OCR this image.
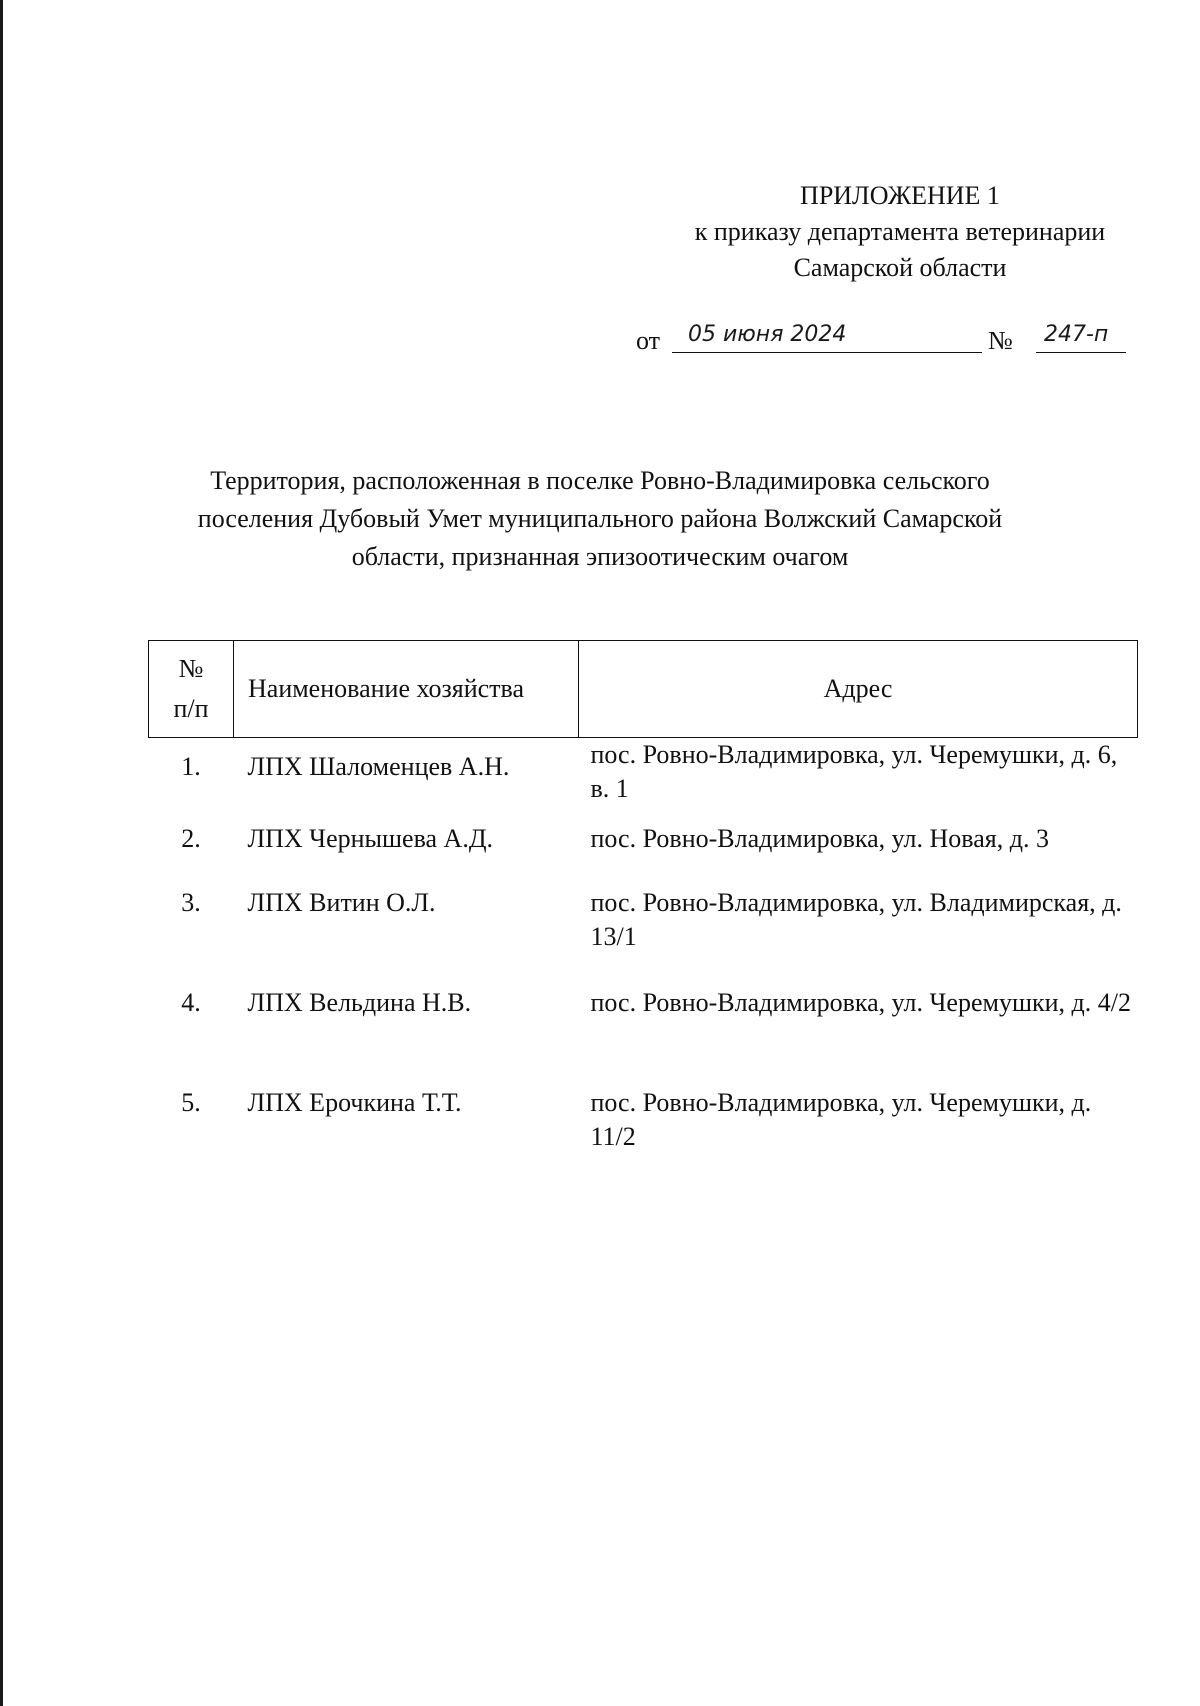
ПРИЛОЖЕНИЕ 1
к приказу департамента ветеринарии
Самарской области
от 05 июня 2024	№ 247-п
Территория, расположенная в поселке Ровно-Владимировка сельского
поселения Дубовый Умет муниципального района Волжский Самарской
области, признанная эпизоотическим очагом
№
п/п	Наименование хозяйства	Адрес
1.	ЛПХ Шаломенцев А.Н.	пос. Ровно-Владимировка, ул. Черемушки, д. 6, в. 1
2.	ЛПХ Чернышева А.Д.	пос. Ровно-Владимировка, ул. Новая, д. 3
3.	ЛПХ Витин О.Л.	пос. Ровно-Владимировка, ул. Владимирская, д. 13/1
4.	ЛПХ Вельдина Н.В.	пос. Ровно-Владимировка, ул. Черемушки, д. 4/2
5.	ЛПХ Ерочкина Т.Т.	пос. Ровно-Владимировка, ул. Черемушки, д. 11/2
